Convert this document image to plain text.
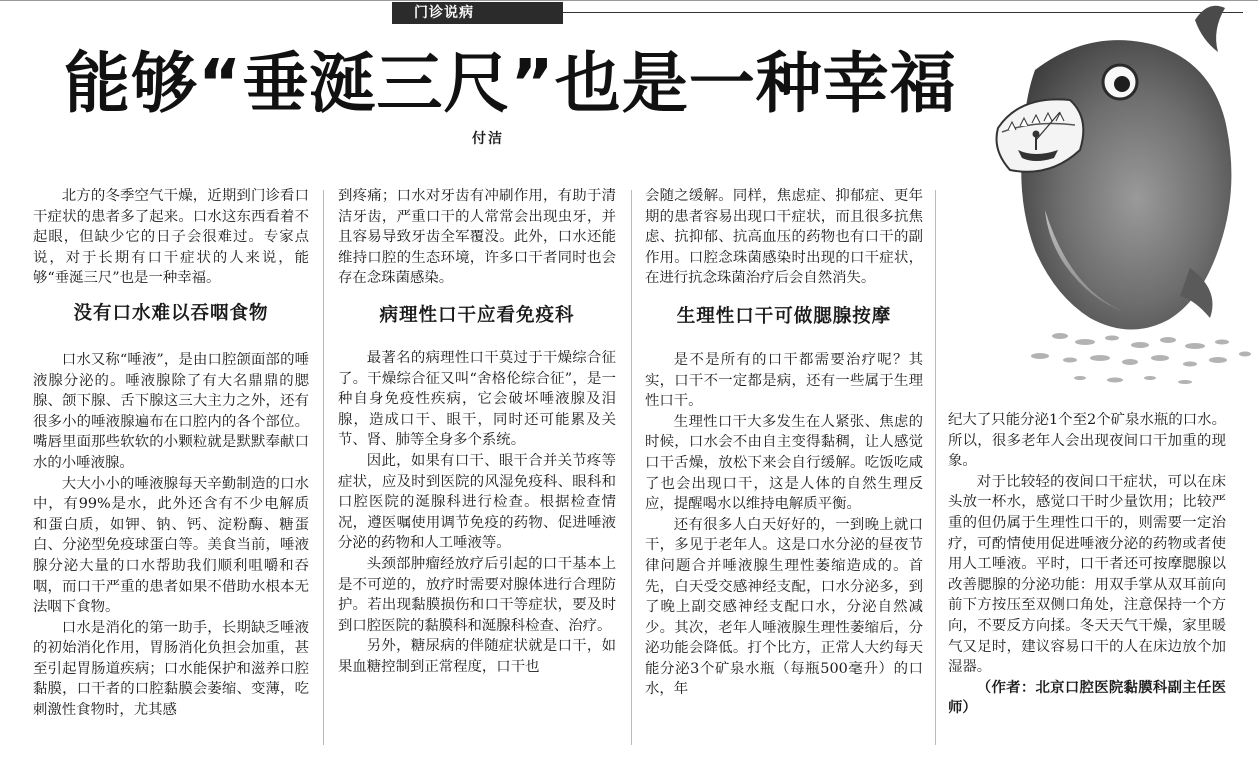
门诊说病
能够“垂涎三尺”也是一种幸福
付洁

北方的冬季空气干燥，近期到门诊看口干症状的患者多了起来。口水这东西看着不起眼，但缺少它的日子会很难过。专家点说，对于长期有口干症状的人来说，能够“垂涎三尺”也是一种幸福。

没有口水难以吞咽食物

口水又称“唾液”，是由口腔颌面部的唾液腺分泌的。唾液腺除了有大名鼎鼎的腮腺、颌下腺、舌下腺这三大主力之外，还有很多小的唾液腺遍布在口腔内的各个部位。嘴唇里面那些软软的小颗粒就是默默奉献口水的小唾液腺。

大大小小的唾液腺每天辛勤制造的口水中，有99%是水，此外还含有不少电解质和蛋白质，如钾、钠、钙、淀粉酶、糖蛋白、分泌型免疫球蛋白等。美食当前，唾液腺分泌大量的口水帮助我们顺利咀嚼和吞咽，而口干严重的患者如果不借助水根本无法咽下食物。

口水是消化的第一助手，长期缺乏唾液的初始消化作用，胃肠消化负担会加重，甚至引起胃肠道疾病；口水能保护和滋养口腔黏膜，口干者的口腔黏膜会萎缩、变薄，吃刺激性食物时，尤其感

到疼痛；口水对牙齿有冲刷作用，有助于清洁牙齿，严重口干的人常常会出现虫牙，并且容易导致牙齿全军覆没。此外，口水还能维持口腔的生态环境，许多口干者同时也会存在念珠菌感染。

病理性口干应看免疫科

最著名的病理性口干莫过于干燥综合征了。干燥综合征又叫“舍格伦综合征”，是一种自身免疫性疾病，它会破坏唾液腺及泪腺，造成口干、眼干，同时还可能累及关节、肾、肺等全身多个系统。

因此，如果有口干、眼干合并关节疼等症状，应及时到医院的风湿免疫科、眼科和口腔医院的涎腺科进行检查。根据检查情况，遵医嘱使用调节免疫的药物、促进唾液分泌的药物和人工唾液等。

头颈部肿瘤经放疗后引起的口干基本上是不可逆的，放疗时需要对腺体进行合理防护。若出现黏膜损伤和口干等症状，要及时到口腔医院的黏膜科和涎腺科检查、治疗。

另外，糖尿病的伴随症状就是口干，如果血糖控制到正常程度，口干也

会随之缓解。同样，焦虑症、抑郁症、更年期的患者容易出现口干症状，而且很多抗焦虑、抗抑郁、抗高血压的药物也有口干的副作用。口腔念珠菌感染时出现的口干症状，在进行抗念珠菌治疗后会自然消失。

生理性口干可做腮腺按摩

是不是所有的口干都需要治疗呢？其实，口干不一定都是病，还有一些属于生理性口干。

生理性口干大多发生在人紧张、焦虑的时候，口水会不由自主变得黏稠，让人感觉口干舌燥，放松下来会自行缓解。吃饭吃咸了也会出现口干，这是人体的自然生理反应，提醒喝水以维持电解质平衡。

还有很多人白天好好的，一到晚上就口干，多见于老年人。这是口水分泌的昼夜节律问题合并唾液腺生理性萎缩造成的。首先，白天受交感神经支配，口水分泌多，到了晚上副交感神经支配口水，分泌自然减少。其次，老年人唾液腺生理性萎缩后，分泌功能会降低。打个比方，正常人大约每天能分泌3个矿泉水瓶（每瓶500毫升）的口水，年

纪大了只能分泌1个至2个矿泉水瓶的口水。所以，很多老年人会出现夜间口干加重的现象。

对于比较轻的夜间口干症状，可以在床头放一杯水，感觉口干时少量饮用；比较严重的但仍属于生理性口干的，则需要一定治疗，可酌情使用促进唾液分泌的药物或者使用人工唾液。平时，口干者还可按摩腮腺以改善腮腺的分泌功能：用双手掌从双耳前向前下方按压至双侧口角处，注意保持一个方向，不要反方向揉。冬天天气干燥，家里暖气又足时，建议容易口干的人在床边放个加湿器。

（作者：北京口腔医院黏膜科副主任医师）
